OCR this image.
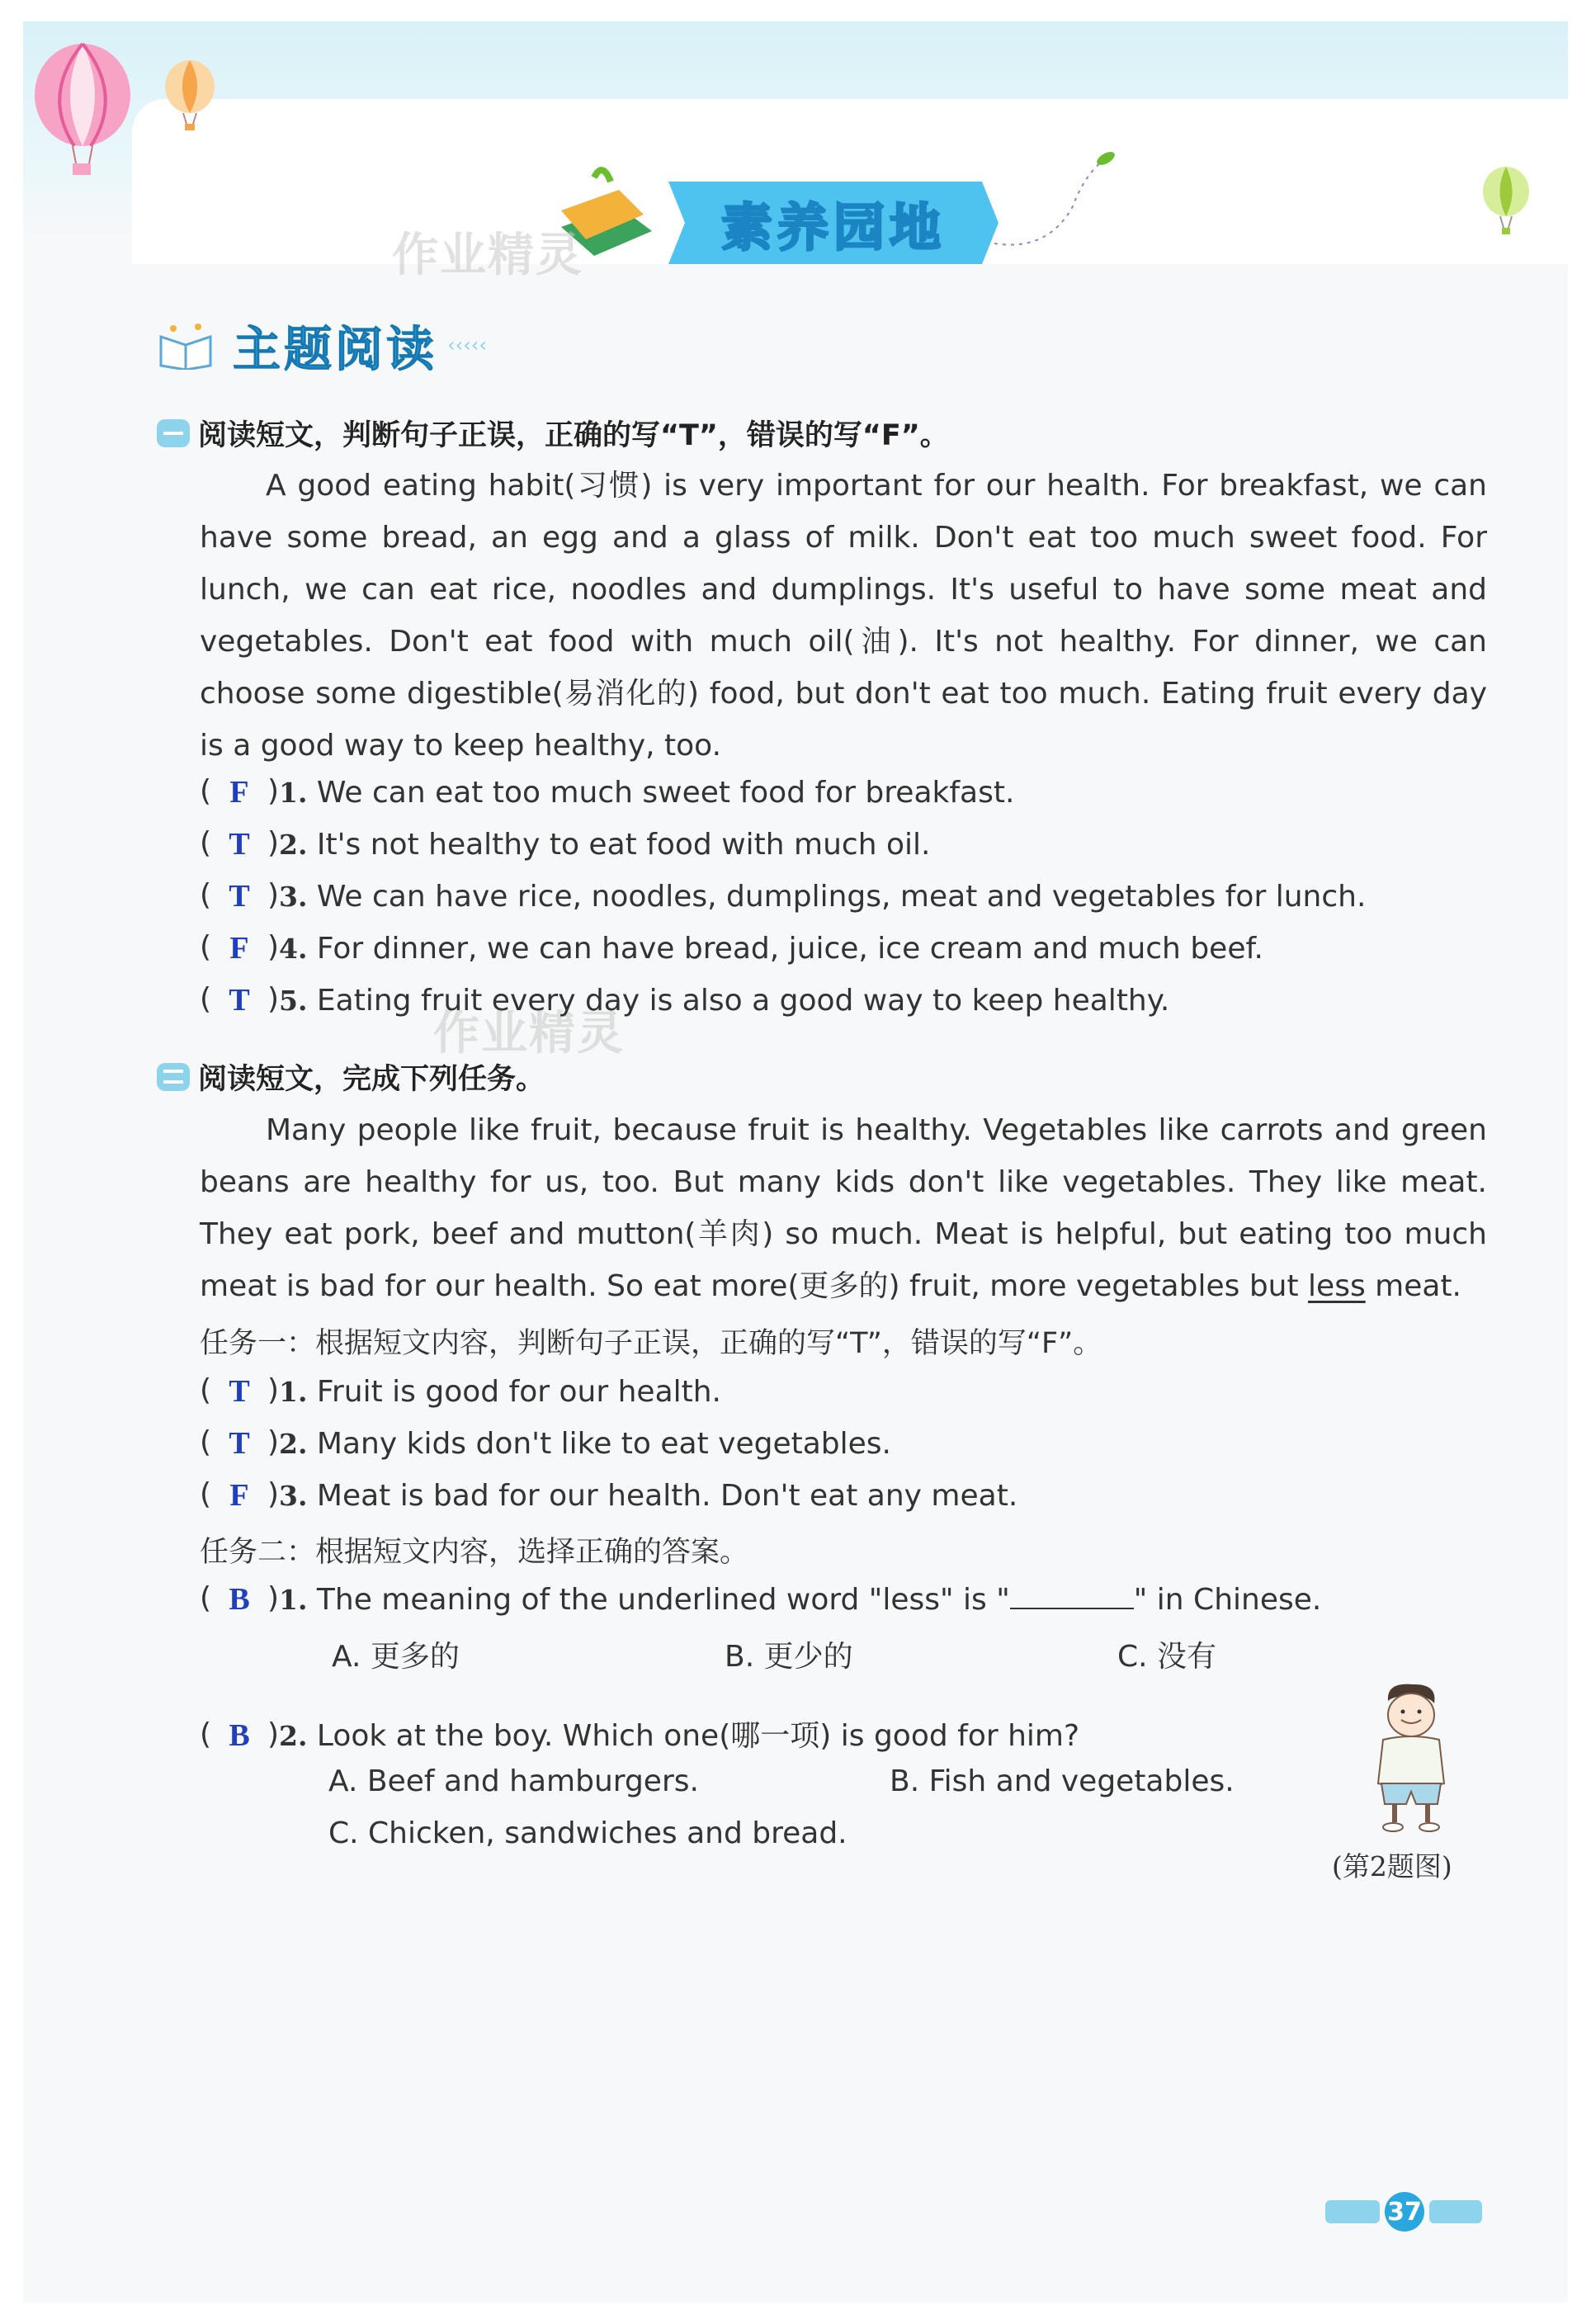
素养园地
作业精灵
作业精灵
主题阅读 ‹‹‹‹‹
阅读短文，判断句子正误，正确的写“T”，错误的写“F”。

A good eating habit(习惯) is very important for our health. For breakfast, we can have some bread, an egg and a glass of milk. Don't eat too much sweet food. For lunch, we can eat rice, noodles and dumplings. It's useful to have some meat and vegetables. Don't eat food with much oil(油). It's not healthy. For dinner, we can choose some digestible(易消化的) food, but don't eat too much. Eating fruit every day is a good way to keep healthy, too.

( F ) 1. We can eat too much sweet food for breakfast.
( T ) 2. It's not healthy to eat food with much oil.
( T ) 3. We can have rice, noodles, dumplings, meat and vegetables for lunch.
( F ) 4. For dinner, we can have bread, juice, ice cream and much beef.
( T ) 5. Eating fruit every day is also a good way to keep healthy.
阅读短文，完成下列任务。

Many people like fruit, because fruit is healthy. Vegetables like carrots and green beans are healthy for us, too. But many kids don't like vegetables. They like meat. They eat pork, beef and mutton(羊肉) so much. Meat is helpful, but eating too much meat is bad for our health. So eat more(更多的) fruit, more vegetables but less meat.

任务一：根据短文内容，判断句子正误，正确的写“T”，错误的写“F”。
( T ) 1. Fruit is good for our health.
( T ) 2. Many kids don't like to eat vegetables.
( F ) 3. Meat is bad for our health. Don't eat any meat.
任务二：根据短文内容，选择正确的答案。
( B ) 1. The meaning of the underlined word "less" is "	" in Chinese.
A. 更多的	B. 更少的	C. 没有
( B ) 2. Look at the boy. Which one(哪一项) is good for him?
A. Beef and hamburgers.	B. Fish and vegetables.
C. Chicken, sandwiches and bread.
(第2题图)
37
